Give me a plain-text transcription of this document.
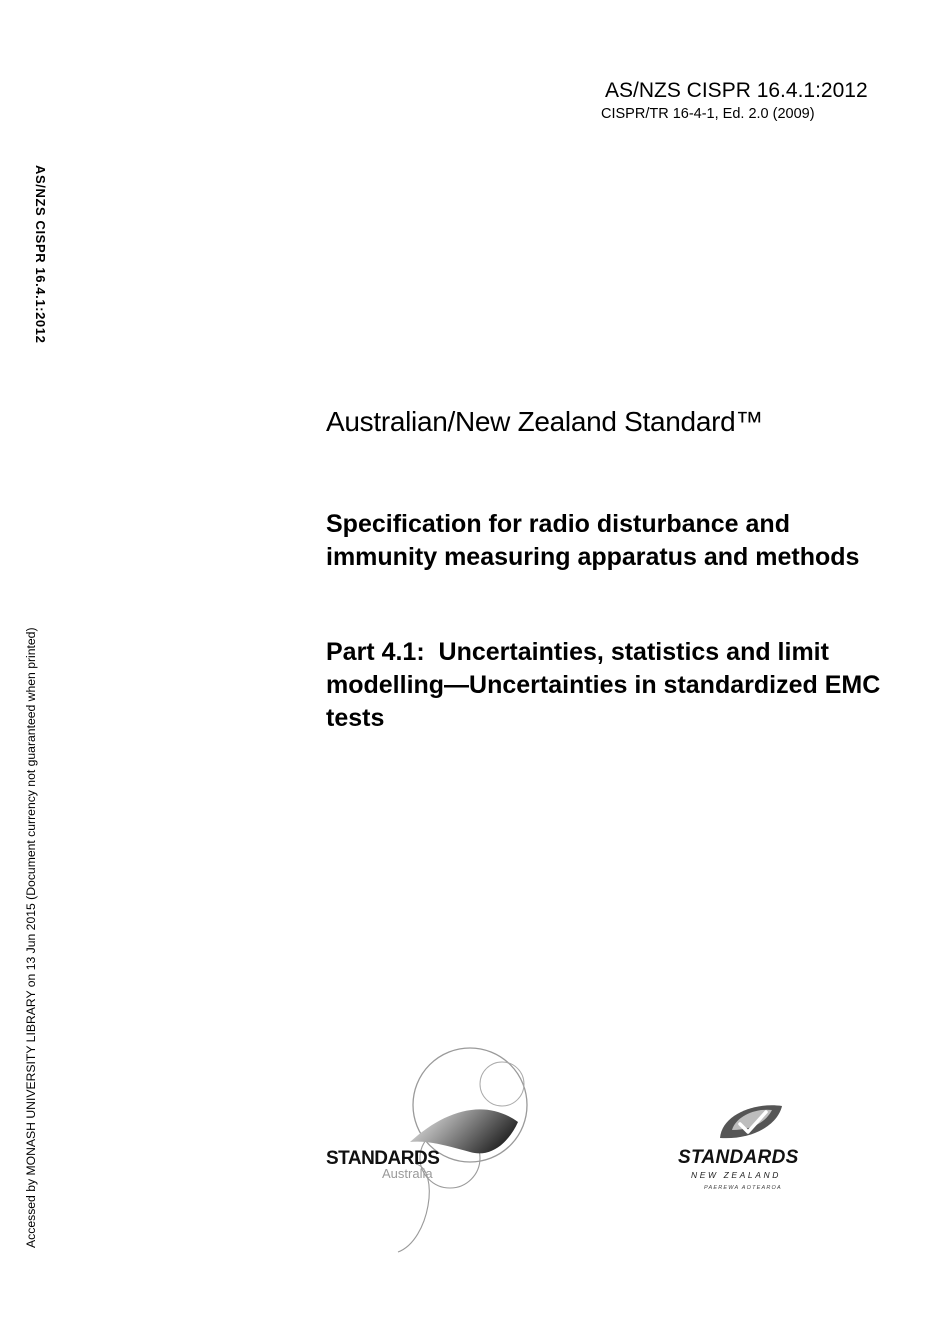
AS/NZS CISPR 16.4.1:2012
CISPR/TR 16-4-1, Ed. 2.0 (2009)
AS/NZS CISPR 16.4.1:2012
Accessed by MONASH UNIVERSITY LIBRARY on 13 Jun 2015 (Document currency not guaranteed when printed)
Australian/New Zealand Standard™
Specification for radio disturbance and immunity measuring apparatus and methods
Part 4.1:  Uncertainties, statistics and limit modelling—Uncertainties in standardized EMC tests
STANDARDS
Australia
STANDARDS
NEW ZEALAND
PAEREWA AOTEAROA
